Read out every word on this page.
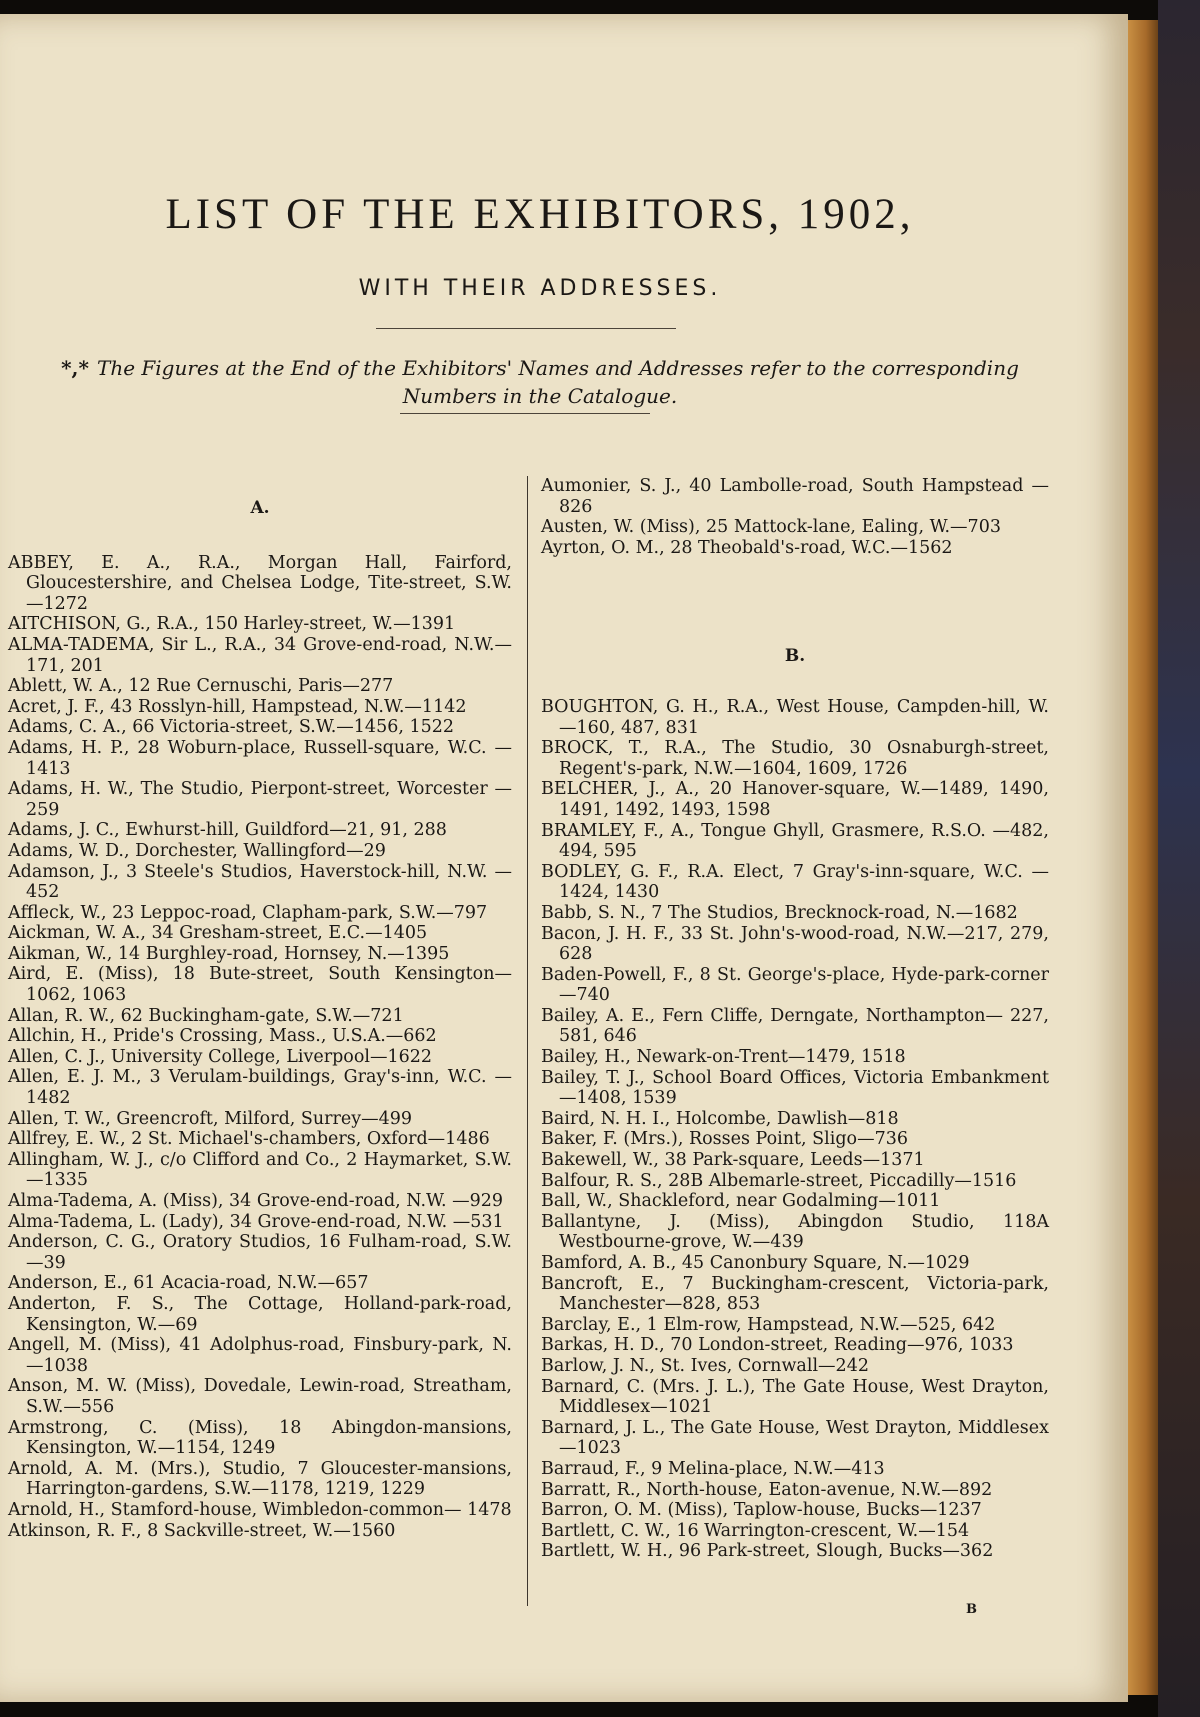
LIST OF THE EXHIBITORS, 1902,
WITH THEIR ADDRESSES.
*,* The Figures at the End of the Exhibitors' Names and Addresses refer to the corresponding Numbers in the Catalogue.
A.

ABBEY, E. A., R.A., Morgan Hall, Fairford, Gloucestershire, and Chelsea Lodge, Tite-street, S.W.—1272

AITCHISON, G., R.A., 150 Harley-street, W.—1391

ALMA-TADEMA, Sir L., R.A., 34 Grove-end-road, N.W.—171, 201

Ablett, W. A., 12 Rue Cernuschi, Paris—277

Acret, J. F., 43 Rosslyn-hill, Hampstead, N.W.—1142

Adams, C. A., 66 Victoria-street, S.W.—1456, 1522

Adams, H. P., 28 Woburn-place, Russell-square, W.C. —1413

Adams, H. W., The Studio, Pierpont-street, Worcester —259

Adams, J. C., Ewhurst-hill, Guildford—21, 91, 288

Adams, W. D., Dorchester, Wallingford—29

Adamson, J., 3 Steele's Studios, Haverstock-hill, N.W. —452

Affleck, W., 23 Leppoc-road, Clapham-park, S.W.—797

Aickman, W. A., 34 Gresham-street, E.C.—1405

Aikman, W., 14 Burghley-road, Hornsey, N.—1395

Aird, E. (Miss), 18 Bute-street, South Kensington— 1062, 1063

Allan, R. W., 62 Buckingham-gate, S.W.—721

Allchin, H., Pride's Crossing, Mass., U.S.A.—662

Allen, C. J., University College, Liverpool—1622

Allen, E. J. M., 3 Verulam-buildings, Gray's-inn, W.C. —1482

Allen, T. W., Greencroft, Milford, Surrey—499

Allfrey, E. W., 2 St. Michael's-chambers, Oxford—1486

Allingham, W. J., c/o Clifford and Co., 2 Haymarket, S.W.—1335

Alma-Tadema, A. (Miss), 34 Grove-end-road, N.W. —929

Alma-Tadema, L. (Lady), 34 Grove-end-road, N.W. —531

Anderson, C. G., Oratory Studios, 16 Fulham-road, S.W.—39

Anderson, E., 61 Acacia-road, N.W.—657

Anderton, F. S., The Cottage, Holland-park-road, Kensington, W.—69

Angell, M. (Miss), 41 Adolphus-road, Finsbury-park, N.—1038

Anson, M. W. (Miss), Dovedale, Lewin-road, Streatham, S.W.—556

Armstrong, C. (Miss), 18 Abingdon-mansions, Kensington, W.—1154, 1249

Arnold, A. M. (Mrs.), Studio, 7 Gloucester-mansions, Harrington-gardens, S.W.—1178, 1219, 1229

Arnold, H., Stamford-house, Wimbledon-common— 1478

Atkinson, R. F., 8 Sackville-street, W.—1560

Aumonier, S. J., 40 Lambolle-road, South Hampstead —826

Austen, W. (Miss), 25 Mattock-lane, Ealing, W.—703

Ayrton, O. M., 28 Theobald's-road, W.C.—1562

B.

BOUGHTON, G. H., R.A., West House, Campden-hill, W.—160, 487, 831

BROCK, T., R.A., The Studio, 30 Osnaburgh-street, Regent's-park, N.W.—1604, 1609, 1726

BELCHER, J., A., 20 Hanover-square, W.—1489, 1490, 1491, 1492, 1493, 1598

BRAMLEY, F., A., Tongue Ghyll, Grasmere, R.S.O. —482, 494, 595

BODLEY, G. F., R.A. Elect, 7 Gray's-inn-square, W.C. —1424, 1430

Babb, S. N., 7 The Studios, Brecknock-road, N.—1682

Bacon, J. H. F., 33 St. John's-wood-road, N.W.—217, 279, 628

Baden-Powell, F., 8 St. George's-place, Hyde-park-corner—740

Bailey, A. E., Fern Cliffe, Derngate, Northampton— 227, 581, 646

Bailey, H., Newark-on-Trent—1479, 1518

Bailey, T. J., School Board Offices, Victoria Embankment—1408, 1539

Baird, N. H. I., Holcombe, Dawlish—818

Baker, F. (Mrs.), Rosses Point, Sligo—736

Bakewell, W., 38 Park-square, Leeds—1371

Balfour, R. S., 28B Albemarle-street, Piccadilly—1516

Ball, W., Shackleford, near Godalming—1011

Ballantyne, J. (Miss), Abingdon Studio, 118A Westbourne-grove, W.—439

Bamford, A. B., 45 Canonbury Square, N.—1029

Bancroft, E., 7 Buckingham-crescent, Victoria-park, Manchester—828, 853

Barclay, E., 1 Elm-row, Hampstead, N.W.—525, 642

Barkas, H. D., 70 London-street, Reading—976, 1033

Barlow, J. N., St. Ives, Cornwall—242

Barnard, C. (Mrs. J. L.), The Gate House, West Drayton, Middlesex—1021

Barnard, J. L., The Gate House, West Drayton, Middlesex—1023

Barraud, F., 9 Melina-place, N.W.—413

Barratt, R., North-house, Eaton-avenue, N.W.—892

Barron, O. M. (Miss), Taplow-house, Bucks—1237

Bartlett, C. W., 16 Warrington-crescent, W.—154

Bartlett, W. H., 96 Park-street, Slough, Bucks—362

B
